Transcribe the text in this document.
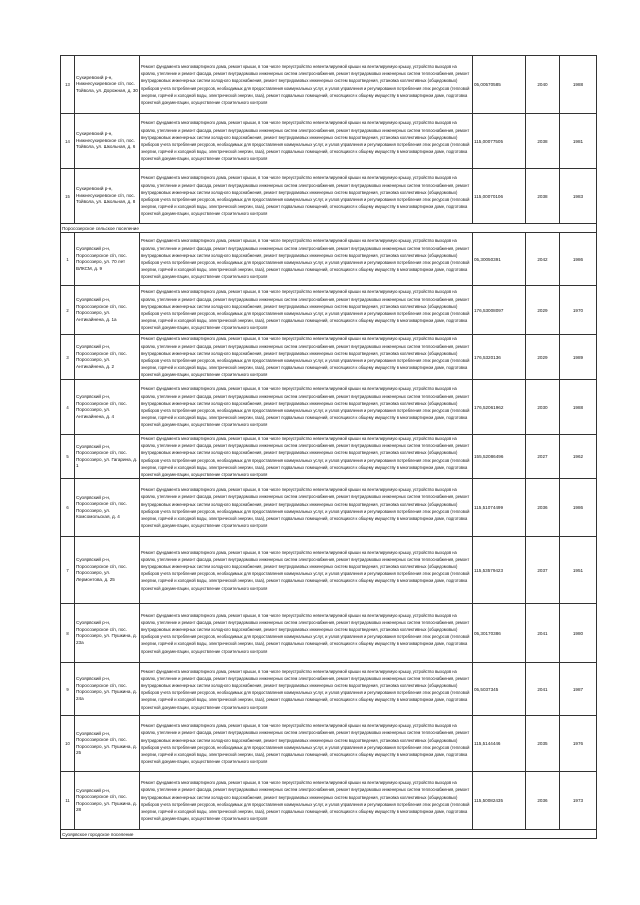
13	Сухиревский р-н, Нижнесухиревское с/п, пос. Тойвола, ул. Дорожная, д. 30	Ремонт фундамента многоквартирного дома, ремонт крыши, в том числе переустройство невентилируемой крыши на вентилируемую крышу, устройство выходов на кровлю, утепление и ремонт фасада, ремонт внутридомовых инженерных систем электроснабжения, ремонт внутридомовых инженерных систем теплоснабжения, ремонт внутридомовых инженерных систем холодного водоснабжения, ремонт внутридомовых инженерных систем водоотведения, установка коллективных (общедомовых) приборов учета потребления ресурсов, необходимых для предоставления коммунальных услуг, и узлов управления и регулирования потребления этих ресурсов (тепловой энергии, горячей и холодной воды, электрической энергии, газа), ремонт подвальных помещений, относящихся к общему имуществу в многоквартирном доме, подготовка проектной документации, осуществление строительного контроля	05,00570585	2040	1988
14	Сухиревский р-н, Нижнесухиревское с/п, пос. Тойвола, ул. Школьная, д. 6	Ремонт фундамента многоквартирного дома, ремонт крыши, в том числе переустройство невентилируемой крыши на вентилируемую крышу, устройство выходов на кровлю, утепление и ремонт фасада, ремонт внутридомовых инженерных систем электроснабжения, ремонт внутридомовых инженерных систем теплоснабжения, ремонт внутридомовых инженерных систем холодного водоснабжения, ремонт внутридомовых инженерных систем водоотведения, установка коллективных (общедомовых) приборов учета потребления ресурсов, необходимых для предоставления коммунальных услуг, и узлов управления и регулирования потребления этих ресурсов (тепловой энергии, горячей и холодной воды, электрической энергии, газа), ремонт подвальных помещений, относящихся к общему имуществу в многоквартирном доме, подготовка проектной документации, осуществление строительного контроля	115,00077505	2038	1981
15	Сухиревский р-н, Нижнесухиревское с/п, пос. Тойвола, ул. Школьная, д. 8	Ремонт фундамента многоквартирного дома, ремонт крыши, в том числе переустройство невентилируемой крыши на вентилируемую крышу, устройство выходов на кровлю, утепление и ремонт фасада, ремонт внутридомовых инженерных систем электроснабжения, ремонт внутридомовых инженерных систем теплоснабжения, ремонт внутридомовых инженерных систем холодного водоснабжения, ремонт внутридомовых инженерных систем водоотведения, установка коллективных (общедомовых) приборов учета потребления ресурсов, необходимых для предоставления коммунальных услуг, и узлов управления и регулирования потребления этих ресурсов (тепловой энергии, горячей и холодной воды, электрической энергии, газа), ремонт подвальных помещений, относящихся к общему имуществу в многоквартирном доме, подготовка проектной документации, осуществление строительного контроля	115,00070106	2038	1983
Поросозерское сельское поселение					
1	Суоярвский р-н, Поросозерское с/п, пос. Поросозеро, ул. 70 лет ВЛКСМ, д. 9	Ремонт фундамента многоквартирного дома, ремонт крыши, в том числе переустройство невентилируемой крыши на вентилируемую крышу, устройство выходов на кровлю, утепление и ремонт фасада, ремонт внутридомовых инженерных систем электроснабжения, ремонт внутридомовых инженерных систем теплоснабжения, ремонт внутридомовых инженерных систем холодного водоснабжения, ремонт внутридомовых инженерных систем водоотведения, установка коллективных (общедомовых) приборов учета потребления ресурсов, необходимых для предоставления коммунальных услуг, и узлов управления и регулирования потребления этих ресурсов (тепловой энергии, горячей и холодной воды, электрической энергии, газа), ремонт подвальных помещений, относящихся к общему имуществу в многоквартирном доме, подготовка проектной документации, осуществление строительного контроля	05,30050391	2042	1986
2	Суоярвский р-н, Поросозерское с/п, пос. Поросозеро, ул. Антикайнена, д. 1а	Ремонт фундамента многоквартирного дома, ремонт крыши, в том числе переустройство невентилируемой крыши на вентилируемую крышу, устройство выходов на кровлю, утепление и ремонт фасада, ремонт внутридомовых инженерных систем электроснабжения, ремонт внутридомовых инженерных систем теплоснабжения, ремонт внутридомовых инженерных систем холодного водоснабжения, ремонт внутридомовых инженерных систем водоотведения, установка коллективных (общедомовых) приборов учета потребления ресурсов, необходимых для предоставления коммунальных услуг, и узлов управления и регулирования потребления этих ресурсов (тепловой энергии, горячей и холодной воды, электрической энергии, газа), ремонт подвальных помещений, относящихся к общему имуществу в многоквартирном доме, подготовка проектной документации, осуществление строительного контроля	176,53008097	2029	1970
3	Суоярвский р-н, Поросозерское с/п, пос. Поросозеро, ул. Антикайнена, д. 2	Ремонт фундамента многоквартирного дома, ремонт крыши, в том числе переустройство невентилируемой крыши на вентилируемую крышу, устройство выходов на кровлю, утепление и ремонт фасада, ремонт внутридомовых инженерных систем электроснабжения, ремонт внутридомовых инженерных систем теплоснабжения, ремонт внутридомовых инженерных систем холодного водоснабжения, ремонт внутридомовых инженерных систем водоотведения, установка коллективных (общедомовых) приборов учета потребления ресурсов, необходимых для предоставления коммунальных услуг, и узлов управления и регулирования потребления этих ресурсов (тепловой энергии, горячей и холодной воды, электрической энергии, газа), ремонт подвальных помещений, относящихся к общему имуществу в многоквартирном доме, подготовка проектной документации, осуществление строительного контроля	176,5320136	2029	1989
4	Суоярвский р-н, Поросозерское с/п, пос. Поросозеро, ул. Антикайнена, д. 4	Ремонт фундамента многоквартирного дома, ремонт крыши, в том числе переустройство невентилируемой крыши на вентилируемую крышу, устройство выходов на кровлю, утепление и ремонт фасада, ремонт внутридомовых инженерных систем электроснабжения, ремонт внутридомовых инженерных систем теплоснабжения, ремонт внутридомовых инженерных систем холодного водоснабжения, ремонт внутридомовых инженерных систем водоотведения, установка коллективных (общедомовых) приборов учета потребления ресурсов, необходимых для предоставления коммунальных услуг, и узлов управления и регулирования потребления этих ресурсов (тепловой энергии, горячей и холодной воды, электрической энергии, газа), ремонт подвальных помещений, относящихся к общему имуществу в многоквартирном доме, подготовка проектной документации, осуществление строительного контроля	176,52061962	2030	1988
5	Суоярвский р-н, Поросозерское с/п, пос. Поросозеро, ул. Гагарина, д. 1	Ремонт фундамента многоквартирного дома, ремонт крыши, в том числе переустройство невентилируемой крыши на вентилируемую крышу, устройство выходов на кровлю, утепление и ремонт фасада, ремонт внутридомовых инженерных систем электроснабжения, ремонт внутридомовых инженерных систем теплоснабжения, ремонт внутридомовых инженерных систем холодного водоснабжения, ремонт внутридомовых инженерных систем водоотведения, установка коллективных (общедомовых) приборов учета потребления ресурсов, необходимых для предоставления коммунальных услуг, и узлов управления и регулирования потребления этих ресурсов (тепловой энергии, горячей и холодной воды, электрической энергии, газа), ремонт подвальных помещений, относящихся к общему имуществу в многоквартирном доме, подготовка проектной документации, осуществление строительного контроля	155,52086496	2027	1962
6	Суоярвский р-н, Поросозерское с/п, пос. Поросозеро, ул. Комсомольская, д. 4	Ремонт фундамента многоквартирного дома, ремонт крыши, в том числе переустройство невентилируемой крыши на вентилируемую крышу, устройство выходов на кровлю, утепление и ремонт фасада, ремонт внутридомовых инженерных систем электроснабжения, ремонт внутридомовых инженерных систем теплоснабжения, ремонт внутридомовых инженерных систем холодного водоснабжения, ремонт внутридомовых инженерных систем водоотведения, установка коллективных (общедомовых) приборов учета потребления ресурсов, необходимых для предоставления коммунальных услуг, и узлов управления и регулирования потребления этих ресурсов (тепловой энергии, горячей и холодной воды, электрической энергии, газа), ремонт подвальных помещений, относящихся к общему имуществу в многоквартирном доме, подготовка проектной документации, осуществление строительного контроля	115,51074499	2036	1986
7	Суоярвский р-н, Поросозерское с/п, пос. Поросозеро, ул. Лермонтова, д. 25	Ремонт фундамента многоквартирного дома, ремонт крыши, в том числе переустройство невентилируемой крыши на вентилируемую крышу, устройство выходов на кровлю, утепление и ремонт фасада, ремонт внутридомовых инженерных систем электроснабжения, ремонт внутридомовых инженерных систем теплоснабжения, ремонт внутридомовых инженерных систем холодного водоснабжения, ремонт внутридомовых инженерных систем водоотведения, установка коллективных (общедомовых) приборов учета потребления ресурсов, необходимых для предоставления коммунальных услуг, и узлов управления и регулирования потребления этих ресурсов (тепловой энергии, горячей и холодной воды, электрической энергии, газа), ремонт подвальных помещений, относящихся к общему имуществу в многоквартирном доме, подготовка проектной документации, осуществление строительного контроля	115,53579423	2037	1951
8	Суоярвский р-н, Поросозерское с/п, пос. Поросозеро, ул. Пушкина, д. 23а	Ремонт фундамента многоквартирного дома, ремонт крыши, в том числе переустройство невентилируемой крыши на вентилируемую крышу, устройство выходов на кровлю, утепление и ремонт фасада, ремонт внутридомовых инженерных систем электроснабжения, ремонт внутридомовых инженерных систем теплоснабжения, ремонт внутридомовых инженерных систем холодного водоснабжения, ремонт внутридомовых инженерных систем водоотведения, установка коллективных (общедомовых) приборов учета потребления ресурсов, необходимых для предоставления коммунальных услуг, и узлов управления и регулирования потребления этих ресурсов (тепловой энергии, горячей и холодной воды, электрической энергии, газа), ремонт подвальных помещений, относящихся к общему имуществу в многоквартирном доме, подготовка проектной документации, осуществление строительного контроля	05,30170386	2041	1980
9	Суоярвский р-н, Поросозерское с/п, пос. Поросозеро, ул. Пушкина, д. 24а	Ремонт фундамента многоквартирного дома, ремонт крыши, в том числе переустройство невентилируемой крыши на вентилируемую крышу, устройство выходов на кровлю, утепление и ремонт фасада, ремонт внутридомовых инженерных систем электроснабжения, ремонт внутридомовых инженерных систем теплоснабжения, ремонт внутридомовых инженерных систем холодного водоснабжения, ремонт внутридомовых инженерных систем водоотведения, установка коллективных (общедомовых) приборов учета потребления ресурсов, необходимых для предоставления коммунальных услуг, и узлов управления и регулирования потребления этих ресурсов (тепловой энергии, горячей и холодной воды, электрической энергии, газа), ремонт подвальных помещений, относящихся к общему имуществу в многоквартирном доме, подготовка проектной документации, осуществление строительного контроля	05,5037345	2041	1987
10	Суоярвский р-н, Поросозерское с/п, пос. Поросозеро, ул. Пушкина, д. 25	Ремонт фундамента многоквартирного дома, ремонт крыши, в том числе переустройство невентилируемой крыши на вентилируемую крышу, устройство выходов на кровлю, утепление и ремонт фасада, ремонт внутридомовых инженерных систем электроснабжения, ремонт внутридомовых инженерных систем теплоснабжения, ремонт внутридомовых инженерных систем холодного водоснабжения, ремонт внутридомовых инженерных систем водоотведения, установка коллективных (общедомовых) приборов учета потребления ресурсов, необходимых для предоставления коммунальных услуг, и узлов управления и регулирования потребления этих ресурсов (тепловой энергии, горячей и холодной воды, электрической энергии, газа), ремонт подвальных помещений, относящихся к общему имуществу в многоквартирном доме, подготовка проектной документации, осуществление строительного контроля	115,5144446	2035	1976
11	Суоярвский р-н, Поросозерское с/п, пос. Поросозеро, ул. Пушкина, д. 28	Ремонт фундамента многоквартирного дома, ремонт крыши, в том числе переустройство невентилируемой крыши на вентилируемую крышу, устройство выходов на кровлю, утепление и ремонт фасада, ремонт внутридомовых инженерных систем электроснабжения, ремонт внутридомовых инженерных систем теплоснабжения, ремонт внутридомовых инженерных систем холодного водоснабжения, ремонт внутридомовых инженерных систем водоотведения, установка коллективных (общедомовых) приборов учета потребления ресурсов, необходимых для предоставления коммунальных услуг, и узлов управления и регулирования потребления этих ресурсов (тепловой энергии, горячей и холодной воды, электрической энергии, газа), ремонт подвальных помещений, относящихся к общему имуществу в многоквартирном доме, подготовка проектной документации, осуществление строительного контроля	115,50082435	2036	1973
Суоярвское городское поселение					
